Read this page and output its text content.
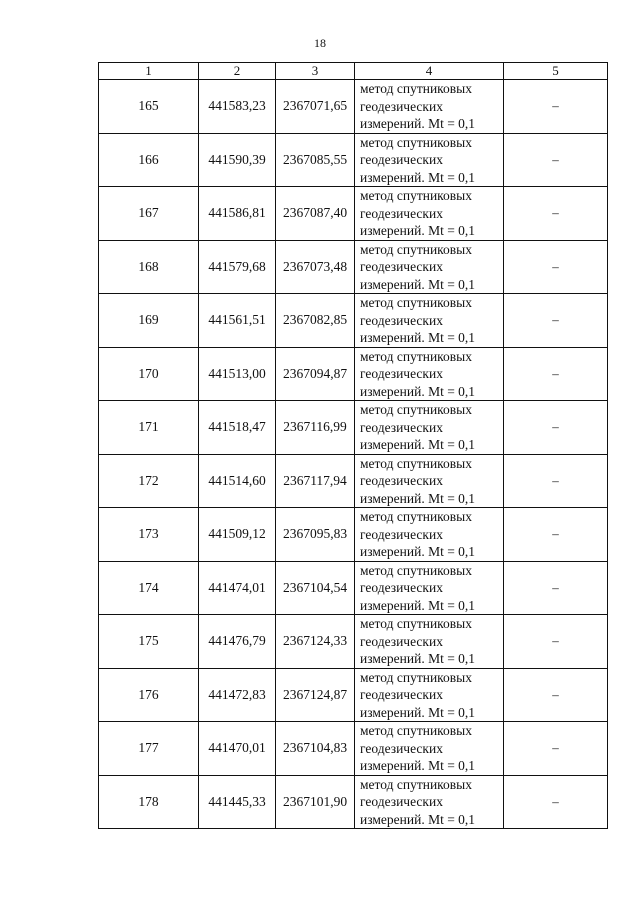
18
1	2	3	4	5
165	441583,23	2367071,65	метод спутниковых
геодезических
измерений. Mt = 0,1	–
166	441590,39	2367085,55	метод спутниковых
геодезических
измерений. Mt = 0,1	–
167	441586,81	2367087,40	метод спутниковых
геодезических
измерений. Mt = 0,1	–
168	441579,68	2367073,48	метод спутниковых
геодезических
измерений. Mt = 0,1	–
169	441561,51	2367082,85	метод спутниковых
геодезических
измерений. Mt = 0,1	–
170	441513,00	2367094,87	метод спутниковых
геодезических
измерений. Mt = 0,1	–
171	441518,47	2367116,99	метод спутниковых
геодезических
измерений. Mt = 0,1	–
172	441514,60	2367117,94	метод спутниковых
геодезических
измерений. Mt = 0,1	–
173	441509,12	2367095,83	метод спутниковых
геодезических
измерений. Mt = 0,1	–
174	441474,01	2367104,54	метод спутниковых
геодезических
измерений. Mt = 0,1	–
175	441476,79	2367124,33	метод спутниковых
геодезических
измерений. Mt = 0,1	–
176	441472,83	2367124,87	метод спутниковых
геодезических
измерений. Mt = 0,1	–
177	441470,01	2367104,83	метод спутниковых
геодезических
измерений. Mt = 0,1	–
178	441445,33	2367101,90	метод спутниковых
геодезических
измерений. Mt = 0,1	–
